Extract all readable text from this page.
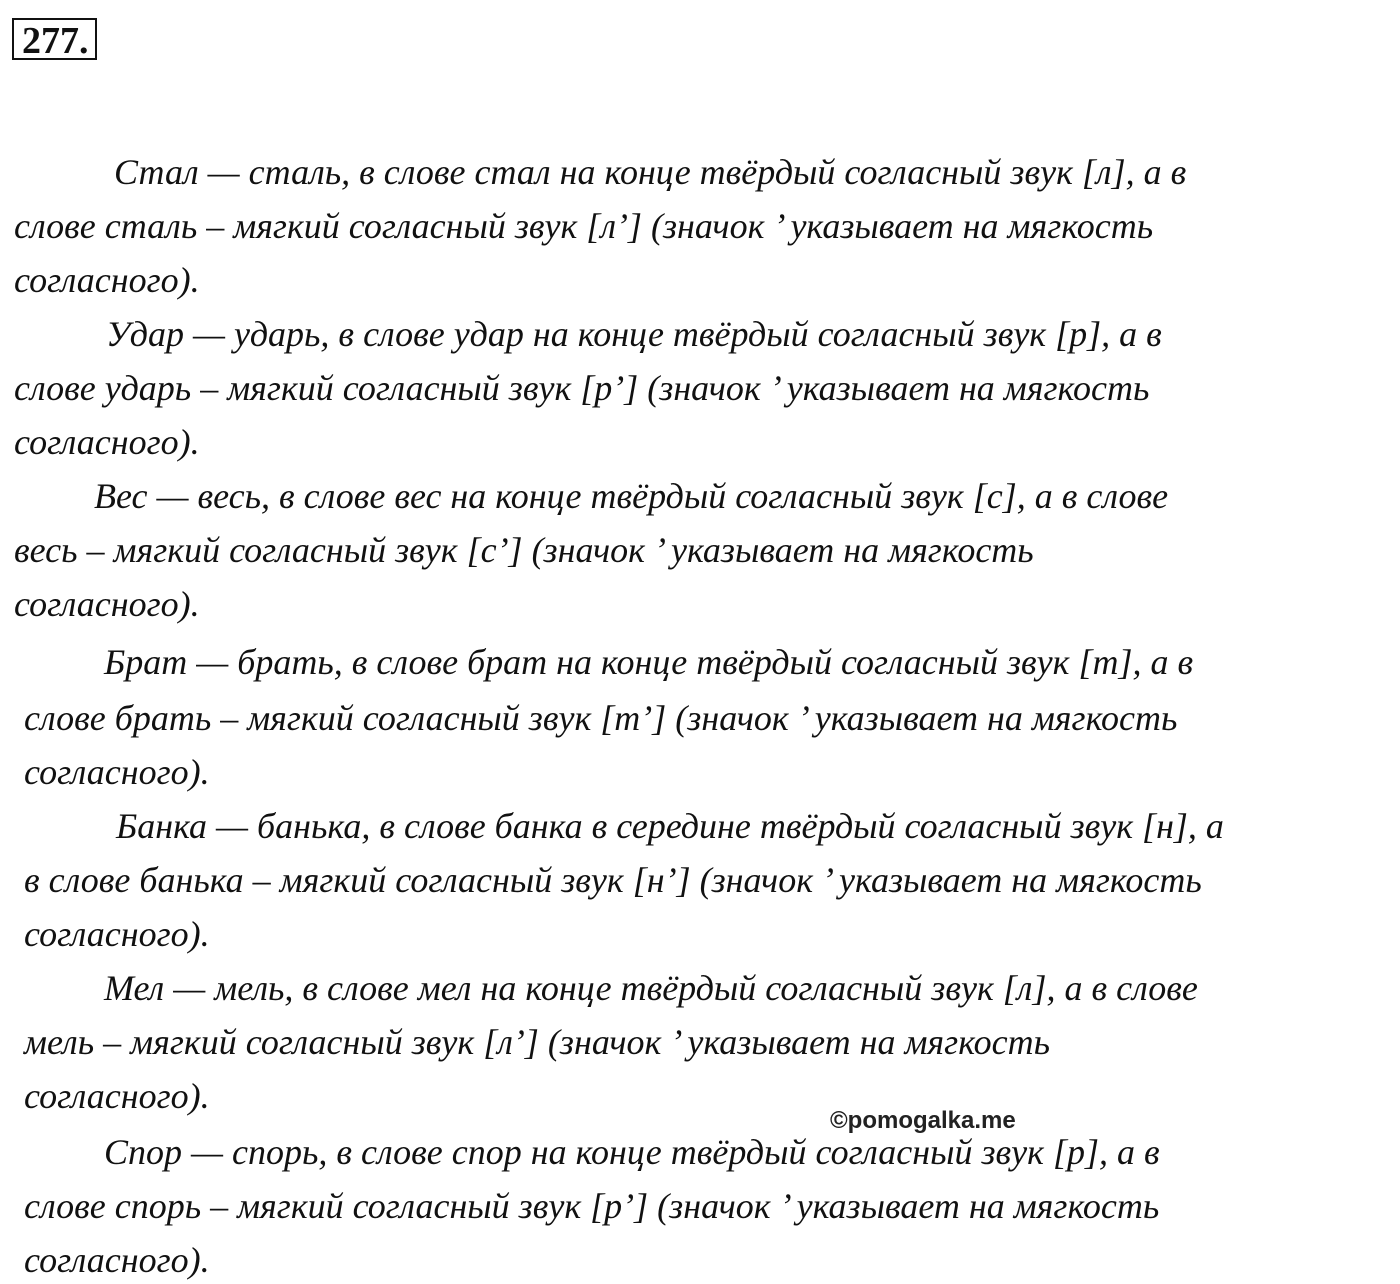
277.
Стал — сталь, в слове стал на конце твёрдый согласный звук [л], а в
слове сталь – мягкий согласный звук [л’] (значок ’ указывает на мягкость
согласного).
Удар — ударь, в слове удар на конце твёрдый согласный звук [р], а в
слове ударь – мягкий согласный звук [р’] (значок ’ указывает на мягкость
согласного).
Вес — весь, в слове вес на конце твёрдый согласный звук [с], а в слове
весь – мягкий согласный звук [с’] (значок ’ указывает на мягкость
согласного).
Брат — брать, в слове брат на конце твёрдый согласный звук [т], а в
слове брать – мягкий согласный звук [т’] (значок ’ указывает на мягкость
согласного).
Банка — банька, в слове банка в середине твёрдый согласный звук [н], а
в слове банька – мягкий согласный звук [н’] (значок ’ указывает на мягкость
согласного).
Мел — мель, в слове мел на конце твёрдый согласный звук [л], а в слове
мель – мягкий согласный звук [л’] (значок ’ указывает на мягкость
согласного).
©pomogalka.me
Спор — спорь, в слове спор на конце твёрдый согласный звук [р], а в
слове спорь – мягкий согласный звук [р’] (значок ’ указывает на мягкость
согласного).
